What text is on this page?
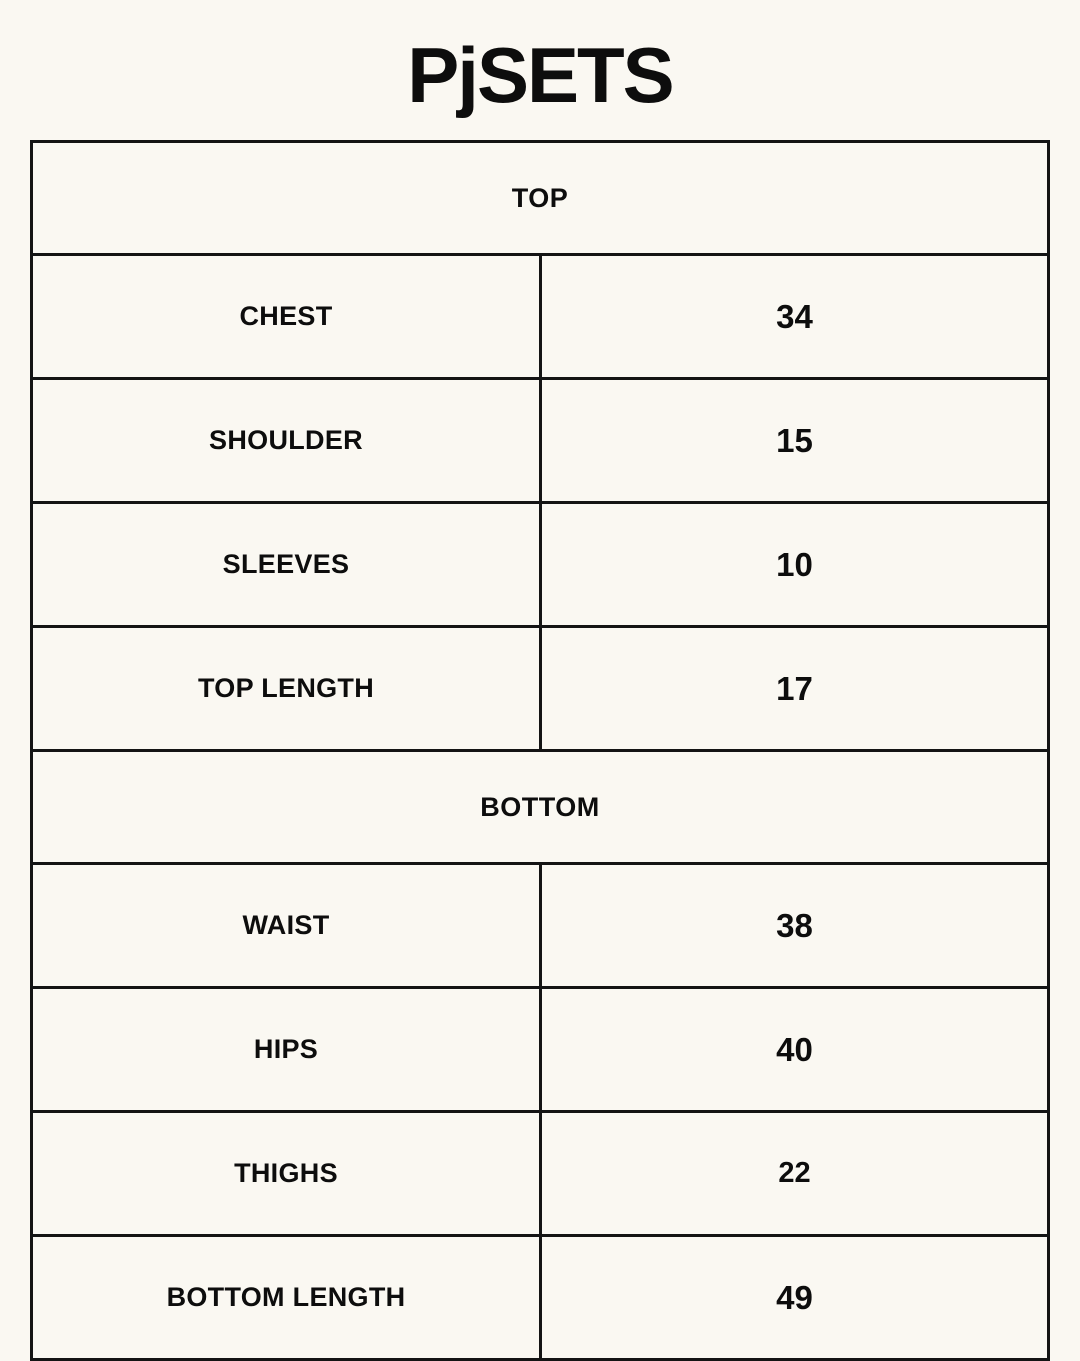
PjSETS
TOP
CHEST	34
SHOULDER	15
SLEEVES	10
TOP LENGTH	17
BOTTOM
WAIST	38
HIPS	40
THIGHS	22
BOTTOM LENGTH	49
